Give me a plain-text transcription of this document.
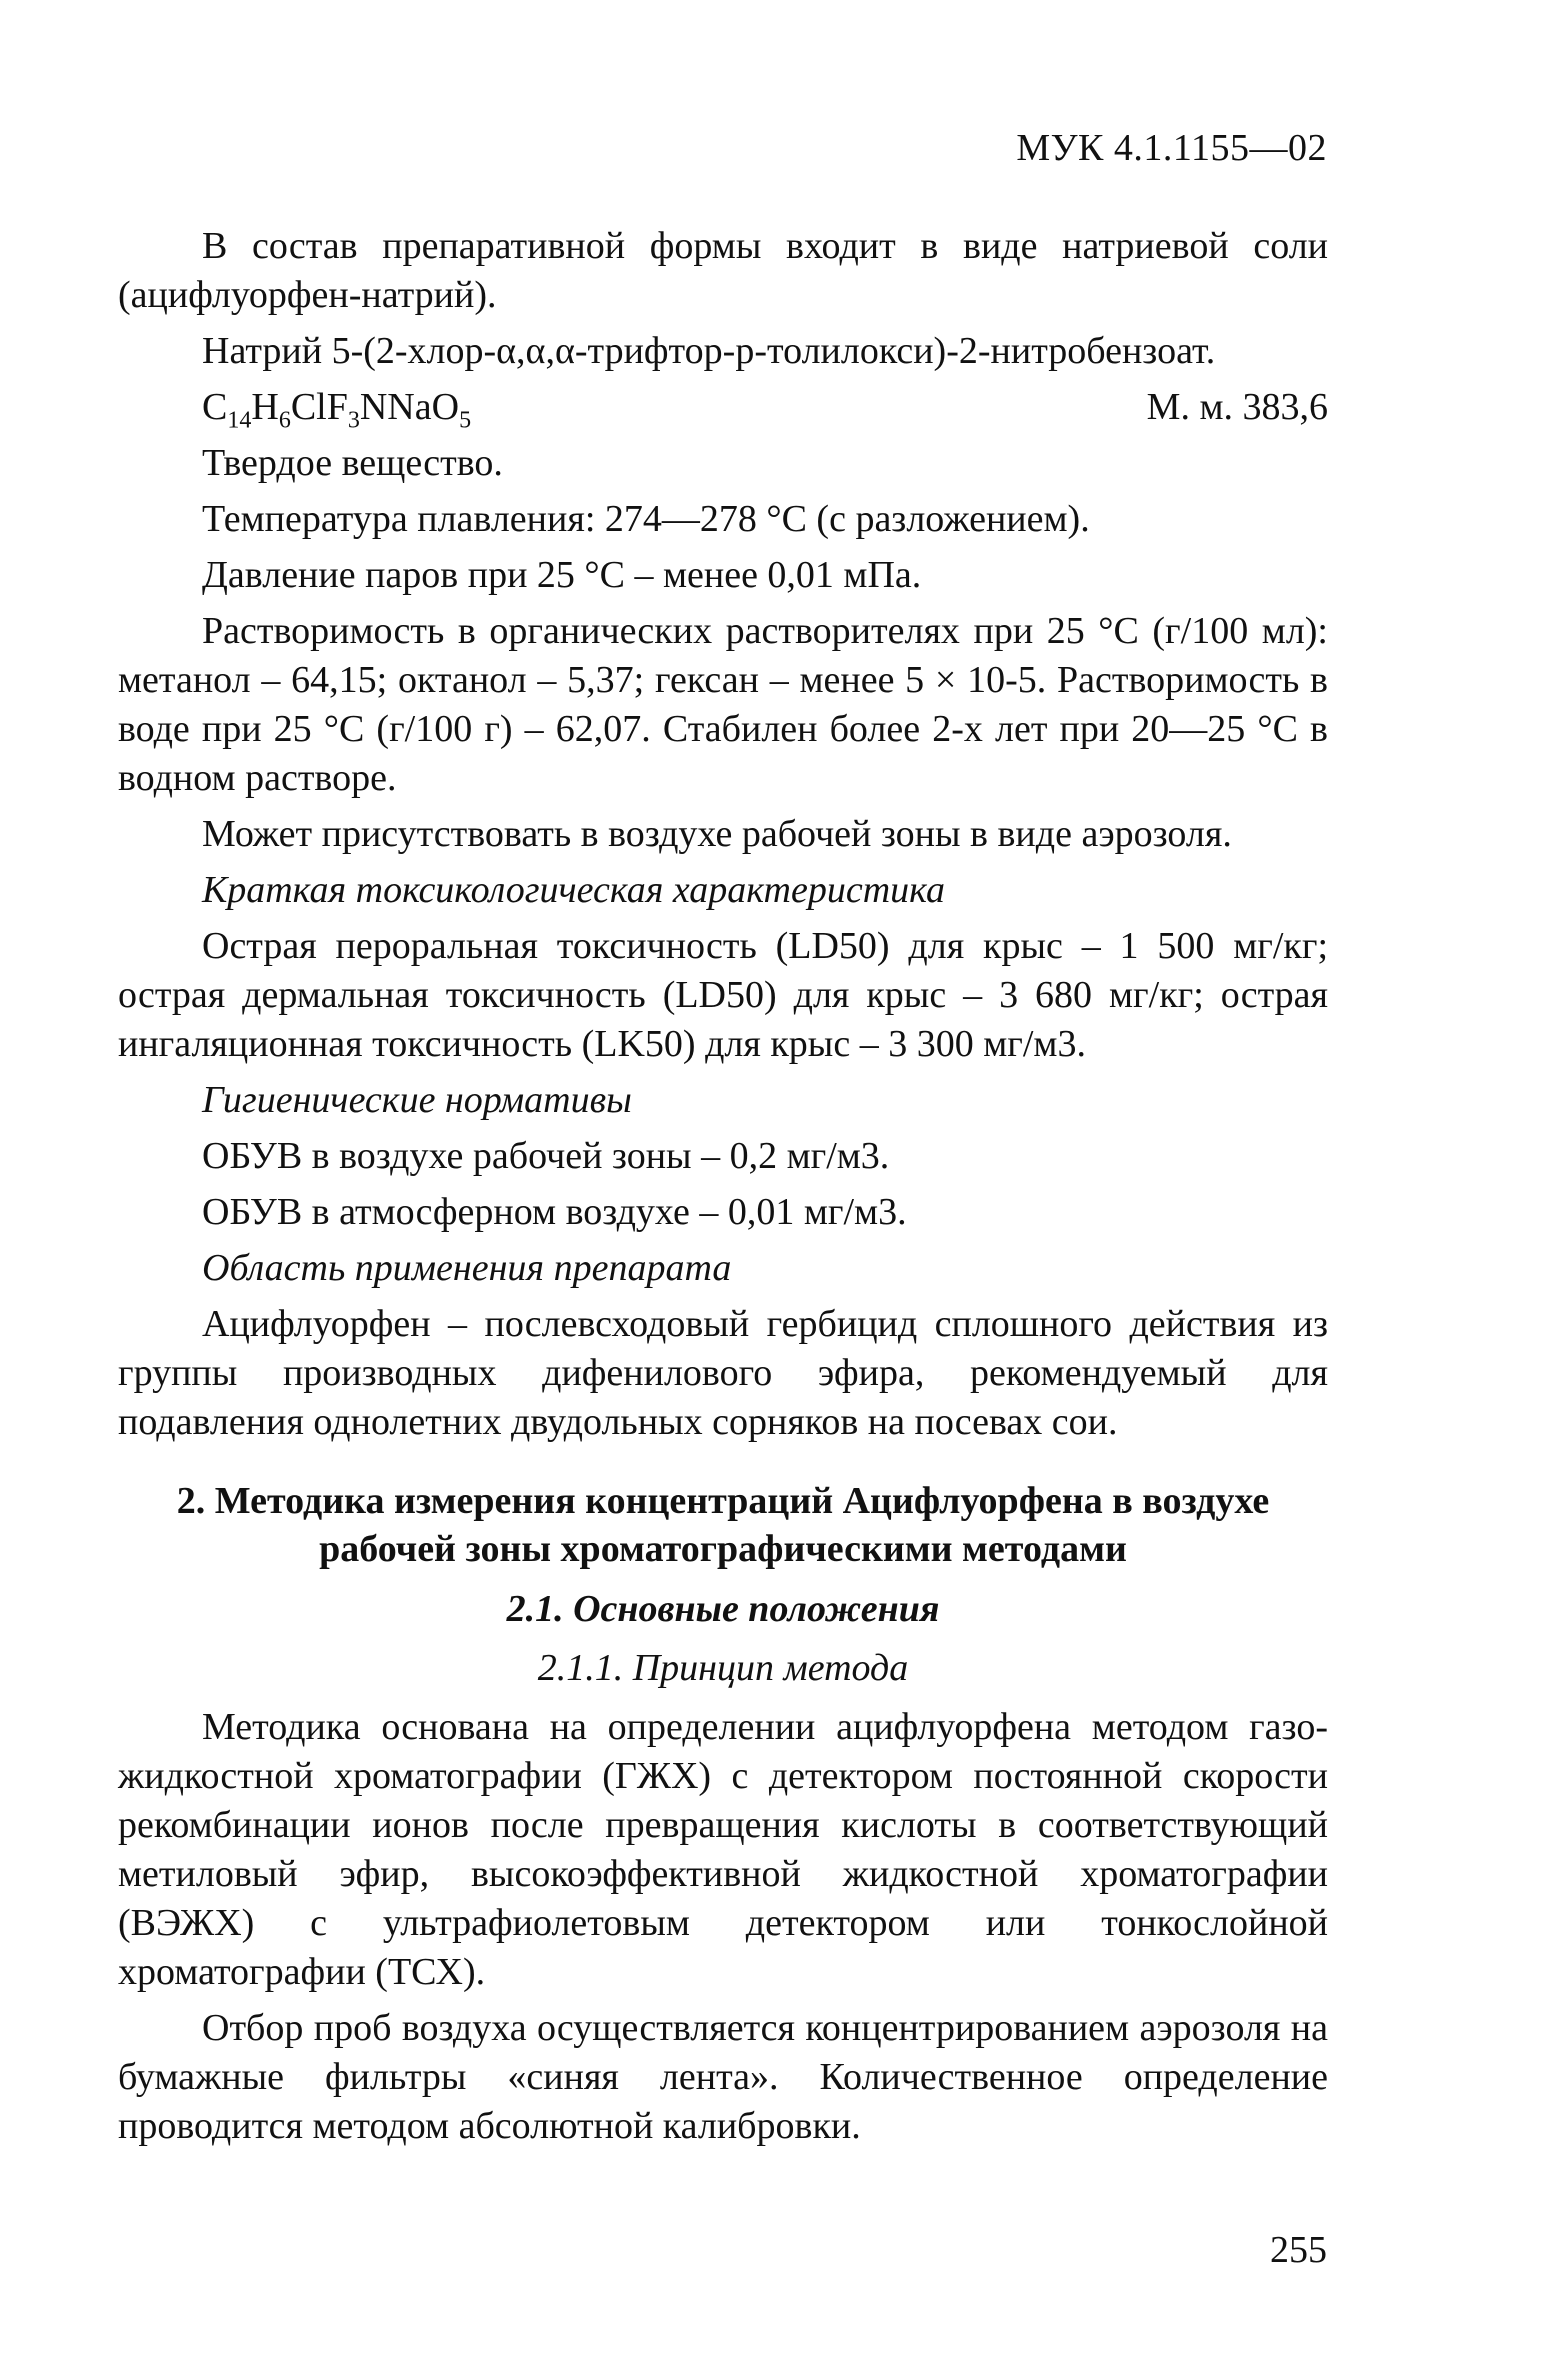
МУК 4.1.1155—02
В состав препаративной формы входит в виде натриевой соли (ацифлуорфен-натрий).
Натрий 5-(2-хлор-α,α,α-трифтор-p-толилокси)-2-нитробензоат.
$C_{14}H_6ClF_3NNaO_5$	М. м. 383,6
Твердое вещество.
Температура плавления: 274—278 °С (с разложением).
Давление паров при 25 °С – менее 0,01 мПа.
Растворимость в органических растворителях при 25 °С (г/100 мл): метанол – 64,15; октанол – 5,37; гексан – менее 5 × 10-5. Растворимость в воде при 25 °С (г/100 г) – 62,07. Стабилен более 2-х лет при 20—25 °С в водном растворе.
Может присутствовать в воздухе рабочей зоны в виде аэрозоля.
Краткая токсикологическая характеристика
Острая пероральная токсичность (LD50) для крыс – 1 500 мг/кг; острая дермальная токсичность (LD50) для крыс – 3 680 мг/кг; острая ингаляционная токсичность (LK50) для крыс – 3 300 мг/м3.
Гигиенические нормативы
ОБУВ в воздухе рабочей зоны – 0,2 мг/м3.
ОБУВ в атмосферном воздухе – 0,01 мг/м3.
Область применения препарата
Ацифлуорфен – послевсходовый гербицид сплошного действия из группы производных дифенилового эфира, рекомендуемый для подавления однолетних двудольных сорняков на посевах сои.
2. Методика измерения концентраций Ацифлуорфена в воздухе рабочей зоны хроматографическими методами
2.1. Основные положения
2.1.1. Принцип метода
Методика основана на определении ацифлуорфена методом газо-жидкостной хроматографии (ГЖХ) с детектором постоянной скорости рекомбинации ионов после превращения кислоты в соответствующий метиловый эфир, высокоэффективной жидкостной хроматографии (ВЭЖХ) с ультрафиолетовым детектором или тонкослойной хроматографии (ТСХ).
Отбор проб воздуха осуществляется концентрированием аэрозоля на бумажные фильтры «синяя лента». Количественное определение проводится методом абсолютной калибровки.
255
